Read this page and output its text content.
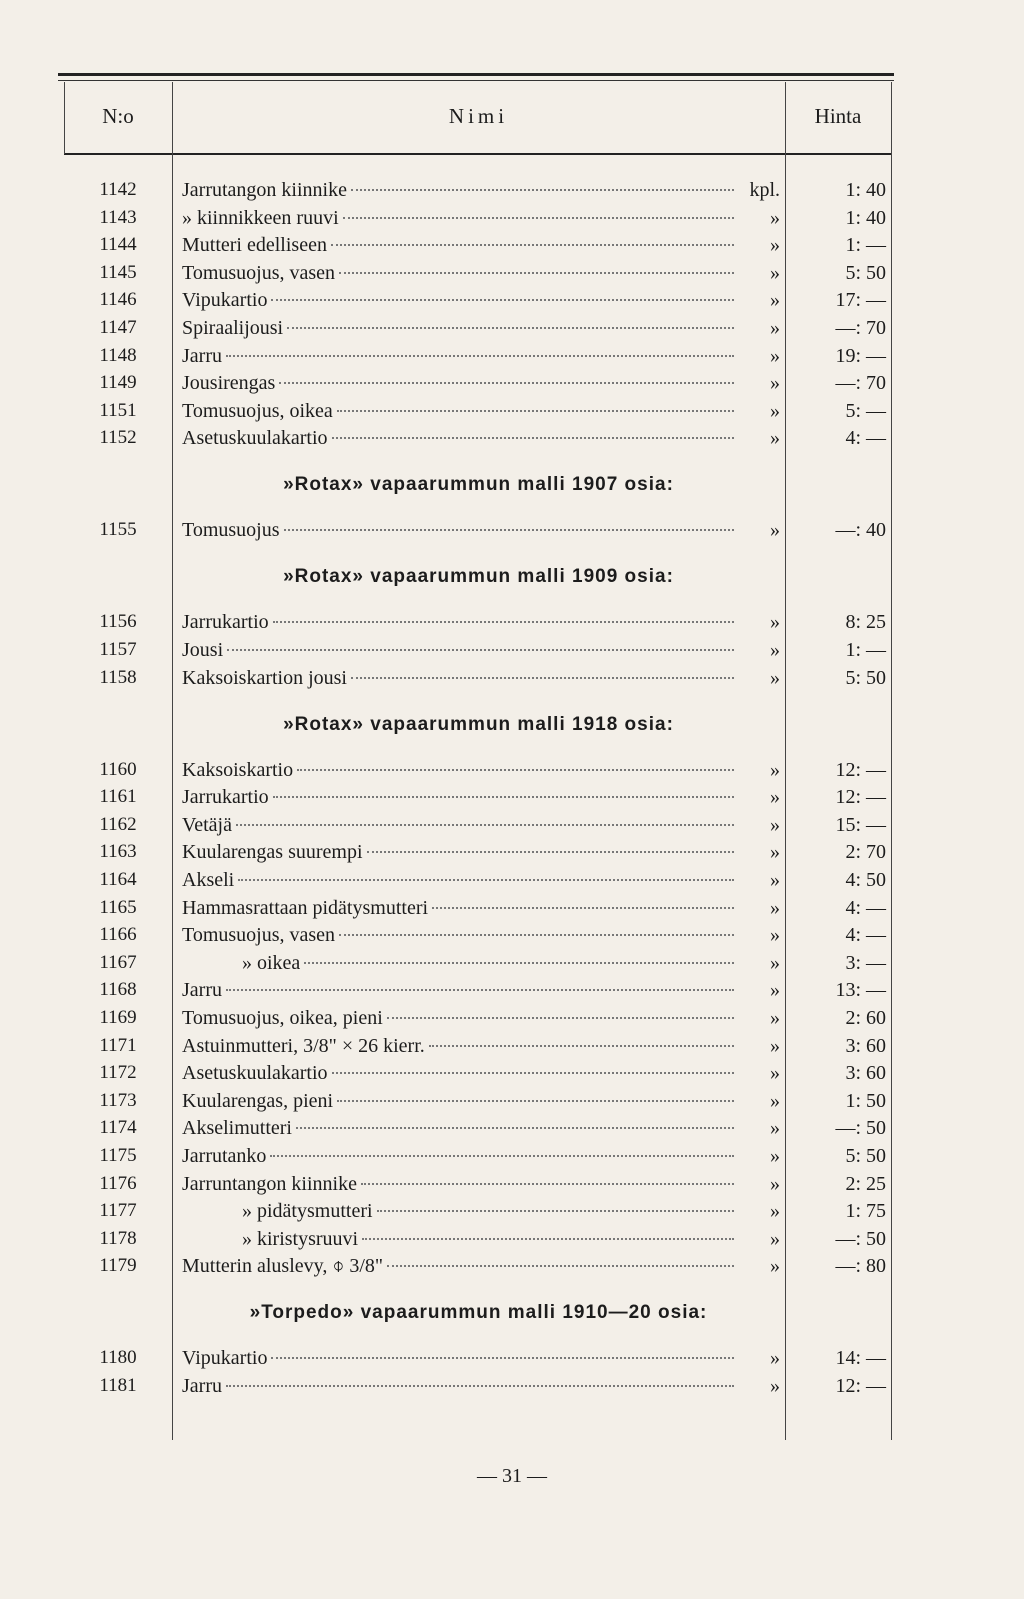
N:o	Nimi	Hinta
1142	Jarrutangon kiinnike	kpl.	1: 40
1143	» kiinnikkeen ruuvi	»	1: 40
1144	Mutteri edelliseen	»	1: —
1145	Tomusuojus, vasen	»	5: 50
1146	Vipukartio	»	17: —
1147	Spiraalijousi	»	—: 70
1148	Jarru	»	19: —
1149	Jousirengas	»	—: 70
1151	Tomusuojus, oikea	»	5: —
1152	Asetuskuulakartio	»	4: —
»Rotax» vapaarummun malli 1907 osia:
1155	Tomusuojus	»	—: 40
»Rotax» vapaarummun malli 1909 osia:
1156	Jarrukartio	»	8: 25
1157	Jousi	»	1: —
1158	Kaksoiskartion jousi	»	5: 50
»Rotax» vapaarummun malli 1918 osia:
1160	Kaksoiskartio	»	12: —
1161	Jarrukartio	»	12: —
1162	Vetäjä	»	15: —
1163	Kuularengas suurempi	»	2: 70
1164	Akseli	»	4: 50
1165	Hammasrattaan pidätysmutteri	»	4: —
1166	Tomusuojus, vasen	»	4: —
1167	» oikea	»	3: —
1168	Jarru	»	13: —
1169	Tomusuojus, oikea, pieni	»	2: 60
1171	Astuinmutteri, 3/8" × 26 kierr.	»	3: 60
1172	Asetuskuulakartio	»	3: 60
1173	Kuularengas, pieni	»	1: 50
1174	Akselimutteri	»	—: 50
1175	Jarrutanko	»	5: 50
1176	Jarruntangon kiinnike	»	2: 25
1177	» pidätysmutteri	»	1: 75
1178	» kiristysruuvi	»	—: 50
1179	Mutterin aluslevy, ⌽ 3/8"	»	—: 80
»Torpedo» vapaarummun malli 1910—20 osia:
1180	Vipukartio	»	14: —
1181	Jarru	»	12: —
— 31 —
